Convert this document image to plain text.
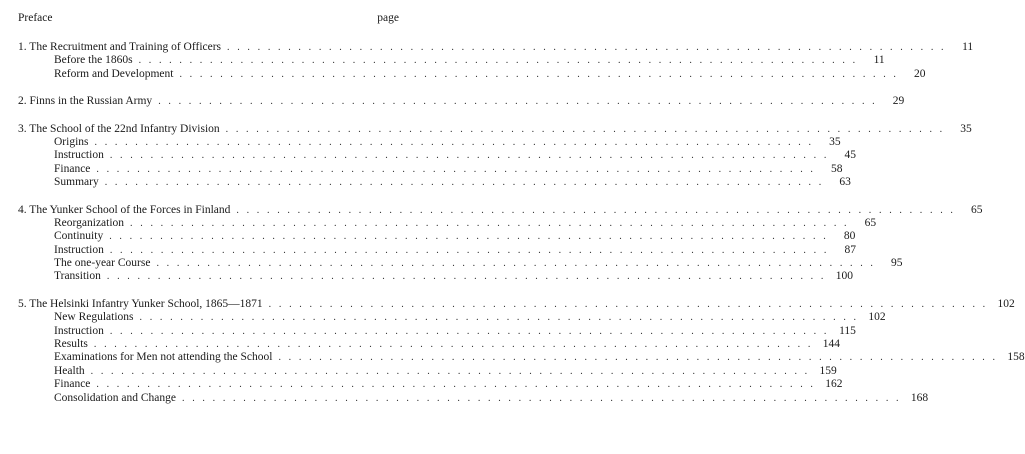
Preface	page
1. The Recruitment and Training of Officers . . . . . . . . . . . . . . . . . . . . . . . . . . . . . . . . . . . . . . . . . . . . . . . . . . . . . . . . . . . . . . . . . . . . . . .	11
Before the 1860s . . . . . . . . . . . . . . . . . . . . . . . . . . . . . . . . . . . . . . . . . . . . . . . . . . . . . . . . . . . . . . . . . . . . . . .	11
Reform and Development . . . . . . . . . . . . . . . . . . . . . . . . . . . . . . . . . . . . . . . . . . . . . . . . . . . . . . . . . . . . . . . . . . . . . . .	20
2. Finns in the Russian Army . . . . . . . . . . . . . . . . . . . . . . . . . . . . . . . . . . . . . . . . . . . . . . . . . . . . . . . . . . . . . . . . . . . . . . .	29
3. The School of the 22nd Infantry Division . . . . . . . . . . . . . . . . . . . . . . . . . . . . . . . . . . . . . . . . . . . . . . . . . . . . . . . . . . . . . . . . . . . . . . .	35
Origins . . . . . . . . . . . . . . . . . . . . . . . . . . . . . . . . . . . . . . . . . . . . . . . . . . . . . . . . . . . . . . . . . . . . . . .	35
Instruction . . . . . . . . . . . . . . . . . . . . . . . . . . . . . . . . . . . . . . . . . . . . . . . . . . . . . . . . . . . . . . . . . . . . . . .	45
Finance . . . . . . . . . . . . . . . . . . . . . . . . . . . . . . . . . . . . . . . . . . . . . . . . . . . . . . . . . . . . . . . . . . . . . . .	58
Summary . . . . . . . . . . . . . . . . . . . . . . . . . . . . . . . . . . . . . . . . . . . . . . . . . . . . . . . . . . . . . . . . . . . . . . .	63
4. The Yunker School of the Forces in Finland . . . . . . . . . . . . . . . . . . . . . . . . . . . . . . . . . . . . . . . . . . . . . . . . . . . . . . . . . . . . . . . . . . . . . . .	65
Reorganization . . . . . . . . . . . . . . . . . . . . . . . . . . . . . . . . . . . . . . . . . . . . . . . . . . . . . . . . . . . . . . . . . . . . . . .	65
Continuity . . . . . . . . . . . . . . . . . . . . . . . . . . . . . . . . . . . . . . . . . . . . . . . . . . . . . . . . . . . . . . . . . . . . . . .	80
Instruction . . . . . . . . . . . . . . . . . . . . . . . . . . . . . . . . . . . . . . . . . . . . . . . . . . . . . . . . . . . . . . . . . . . . . . .	87
The one-year Course . . . . . . . . . . . . . . . . . . . . . . . . . . . . . . . . . . . . . . . . . . . . . . . . . . . . . . . . . . . . . . . . . . . . . . .	95
Transition . . . . . . . . . . . . . . . . . . . . . . . . . . . . . . . . . . . . . . . . . . . . . . . . . . . . . . . . . . . . . . . . . . . . . . . 100
5. The Helsinki Infantry Yunker School, 1865—1871 . . . . . . . . . . . . . . . . . . . . . . . . . . . . . . . . . . . . . . . . . . . . . . . . . . . . . . . . . . . . . . . . . . . . . . . 102
New Regulations . . . . . . . . . . . . . . . . . . . . . . . . . . . . . . . . . . . . . . . . . . . . . . . . . . . . . . . . . . . . . . . . . . . . . . . 102
Instruction . . . . . . . . . . . . . . . . . . . . . . . . . . . . . . . . . . . . . . . . . . . . . . . . . . . . . . . . . . . . . . . . . . . . . . . 115
Results . . . . . . . . . . . . . . . . . . . . . . . . . . . . . . . . . . . . . . . . . . . . . . . . . . . . . . . . . . . . . . . . . . . . . . . 144
Examinations for Men not attending the School . . . . . . . . . . . . . . . . . . . . . . . . . . . . . . . . . . . . . . . . . . . . . . . . . . . . . . . . . . . . . . . . . . . . . . . 158
Health . . . . . . . . . . . . . . . . . . . . . . . . . . . . . . . . . . . . . . . . . . . . . . . . . . . . . . . . . . . . . . . . . . . . . . . 159
Finance . . . . . . . . . . . . . . . . . . . . . . . . . . . . . . . . . . . . . . . . . . . . . . . . . . . . . . . . . . . . . . . . . . . . . . . 162
Consolidation and Change . . . . . . . . . . . . . . . . . . . . . . . . . . . . . . . . . . . . . . . . . . . . . . . . . . . . . . . . . . . . . . . . . . . . . . . 168
